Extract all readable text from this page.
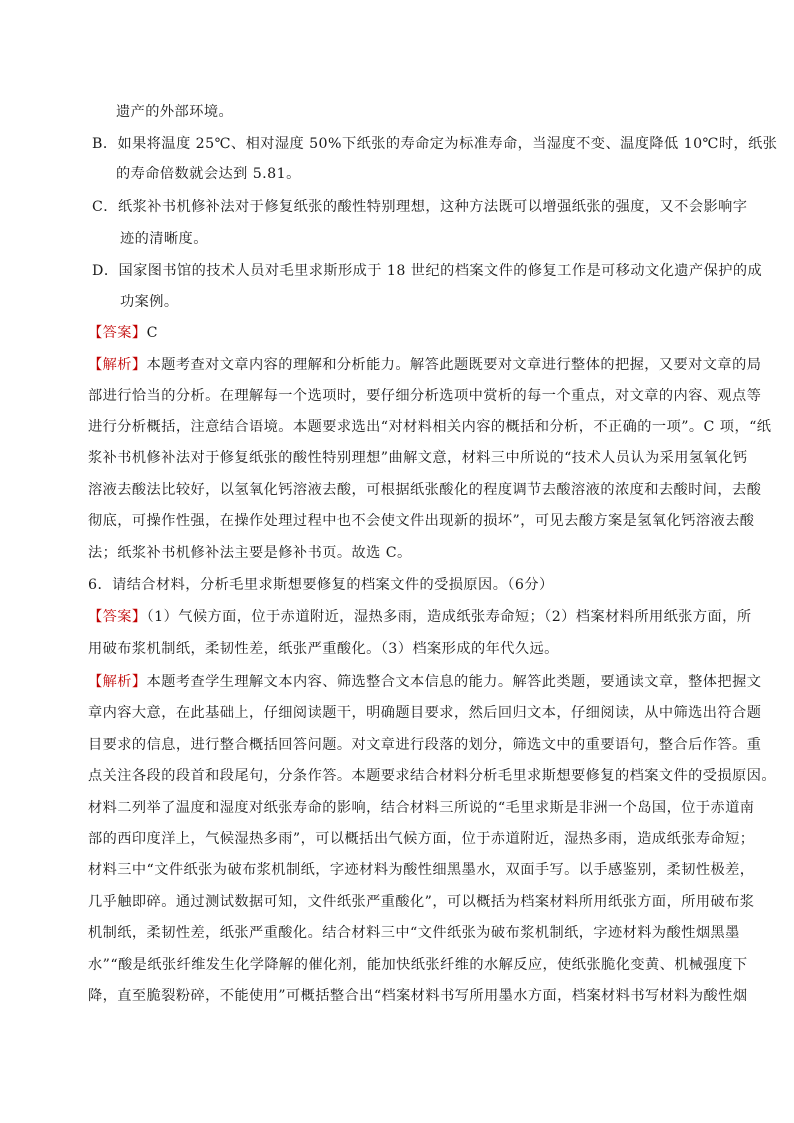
遗产的外部环境。
B．如果将温度 25℃、相对湿度 50%下纸张的寿命定为标准寿命，当湿度不变、温度降低 10℃时，纸张
的寿命倍数就会达到 5.81。
C．纸浆补书机修补法对于修复纸张的酸性特别理想，这种方法既可以增强纸张的强度，又不会影响字
迹的清晰度。
D．国家图书馆的技术人员对毛里求斯形成于 18 世纪的档案文件的修复工作是可移动文化遗产保护的成
功案例。
【答案】C
【解析】本题考查对文章内容的理解和分析能力。解答此题既要对文章进行整体的把握，又要对文章的局
部进行恰当的分析。在理解每一个选项时，要仔细分析选项中赏析的每一个重点，对文章的内容、观点等
进行分析概括，注意结合语境。本题要求选出“对材料相关内容的概括和分析，不正确的一项”。C 项，“纸
浆补书机修补法对于修复纸张的酸性特别理想”曲解文意，材料三中所说的“技术人员认为采用氢氧化钙
溶液去酸法比较好，以氢氧化钙溶液去酸，可根据纸张酸化的程度调节去酸溶液的浓度和去酸时间，去酸
彻底，可操作性强，在操作处理过程中也不会使文件出现新的损坏”，可见去酸方案是氢氧化钙溶液去酸
法；纸浆补书机修补法主要是修补书页。故选 C。
6．请结合材料，分析毛里求斯想要修复的档案文件的受损原因。（6分）
【答案】（1）气候方面，位于赤道附近，湿热多雨，造成纸张寿命短；（2）档案材料所用纸张方面，所
用破布浆机制纸，柔韧性差，纸张严重酸化。（3）档案形成的年代久远。
【解析】本题考查学生理解文本内容、筛选整合文本信息的能力。解答此类题，要通读文章，整体把握文
章内容大意，在此基础上，仔细阅读题干，明确题目要求，然后回归文本，仔细阅读，从中筛选出符合题
目要求的信息，进行整合概括回答问题。对文章进行段落的划分，筛选文中的重要语句，整合后作答。重
点关注各段的段首和段尾句，分条作答。本题要求结合材料分析毛里求斯想要修复的档案文件的受损原因。
材料二列举了温度和湿度对纸张寿命的影响，结合材料三所说的“毛里求斯是非洲一个岛国，位于赤道南
部的西印度洋上，气候湿热多雨”，可以概括出气候方面，位于赤道附近，湿热多雨，造成纸张寿命短；
材料三中“文件纸张为破布浆机制纸，字迹材料为酸性细黑墨水，双面手写。以手感鉴别，柔韧性极差，
几乎触即碎。通过测试数据可知，文件纸张严重酸化”，可以概括为档案材料所用纸张方面，所用破布浆
机制纸，柔韧性差，纸张严重酸化。结合材料三中“文件纸张为破布浆机制纸，字迹材料为酸性烟黑墨
水”“酸是纸张纤维发生化学降解的催化剂，能加快纸张纤维的水解反应，使纸张脆化变黄、机械强度下
降，直至脆裂粉碎，不能使用”可概括整合出“档案材料书写所用墨水方面，档案材料书写材料为酸性烟
